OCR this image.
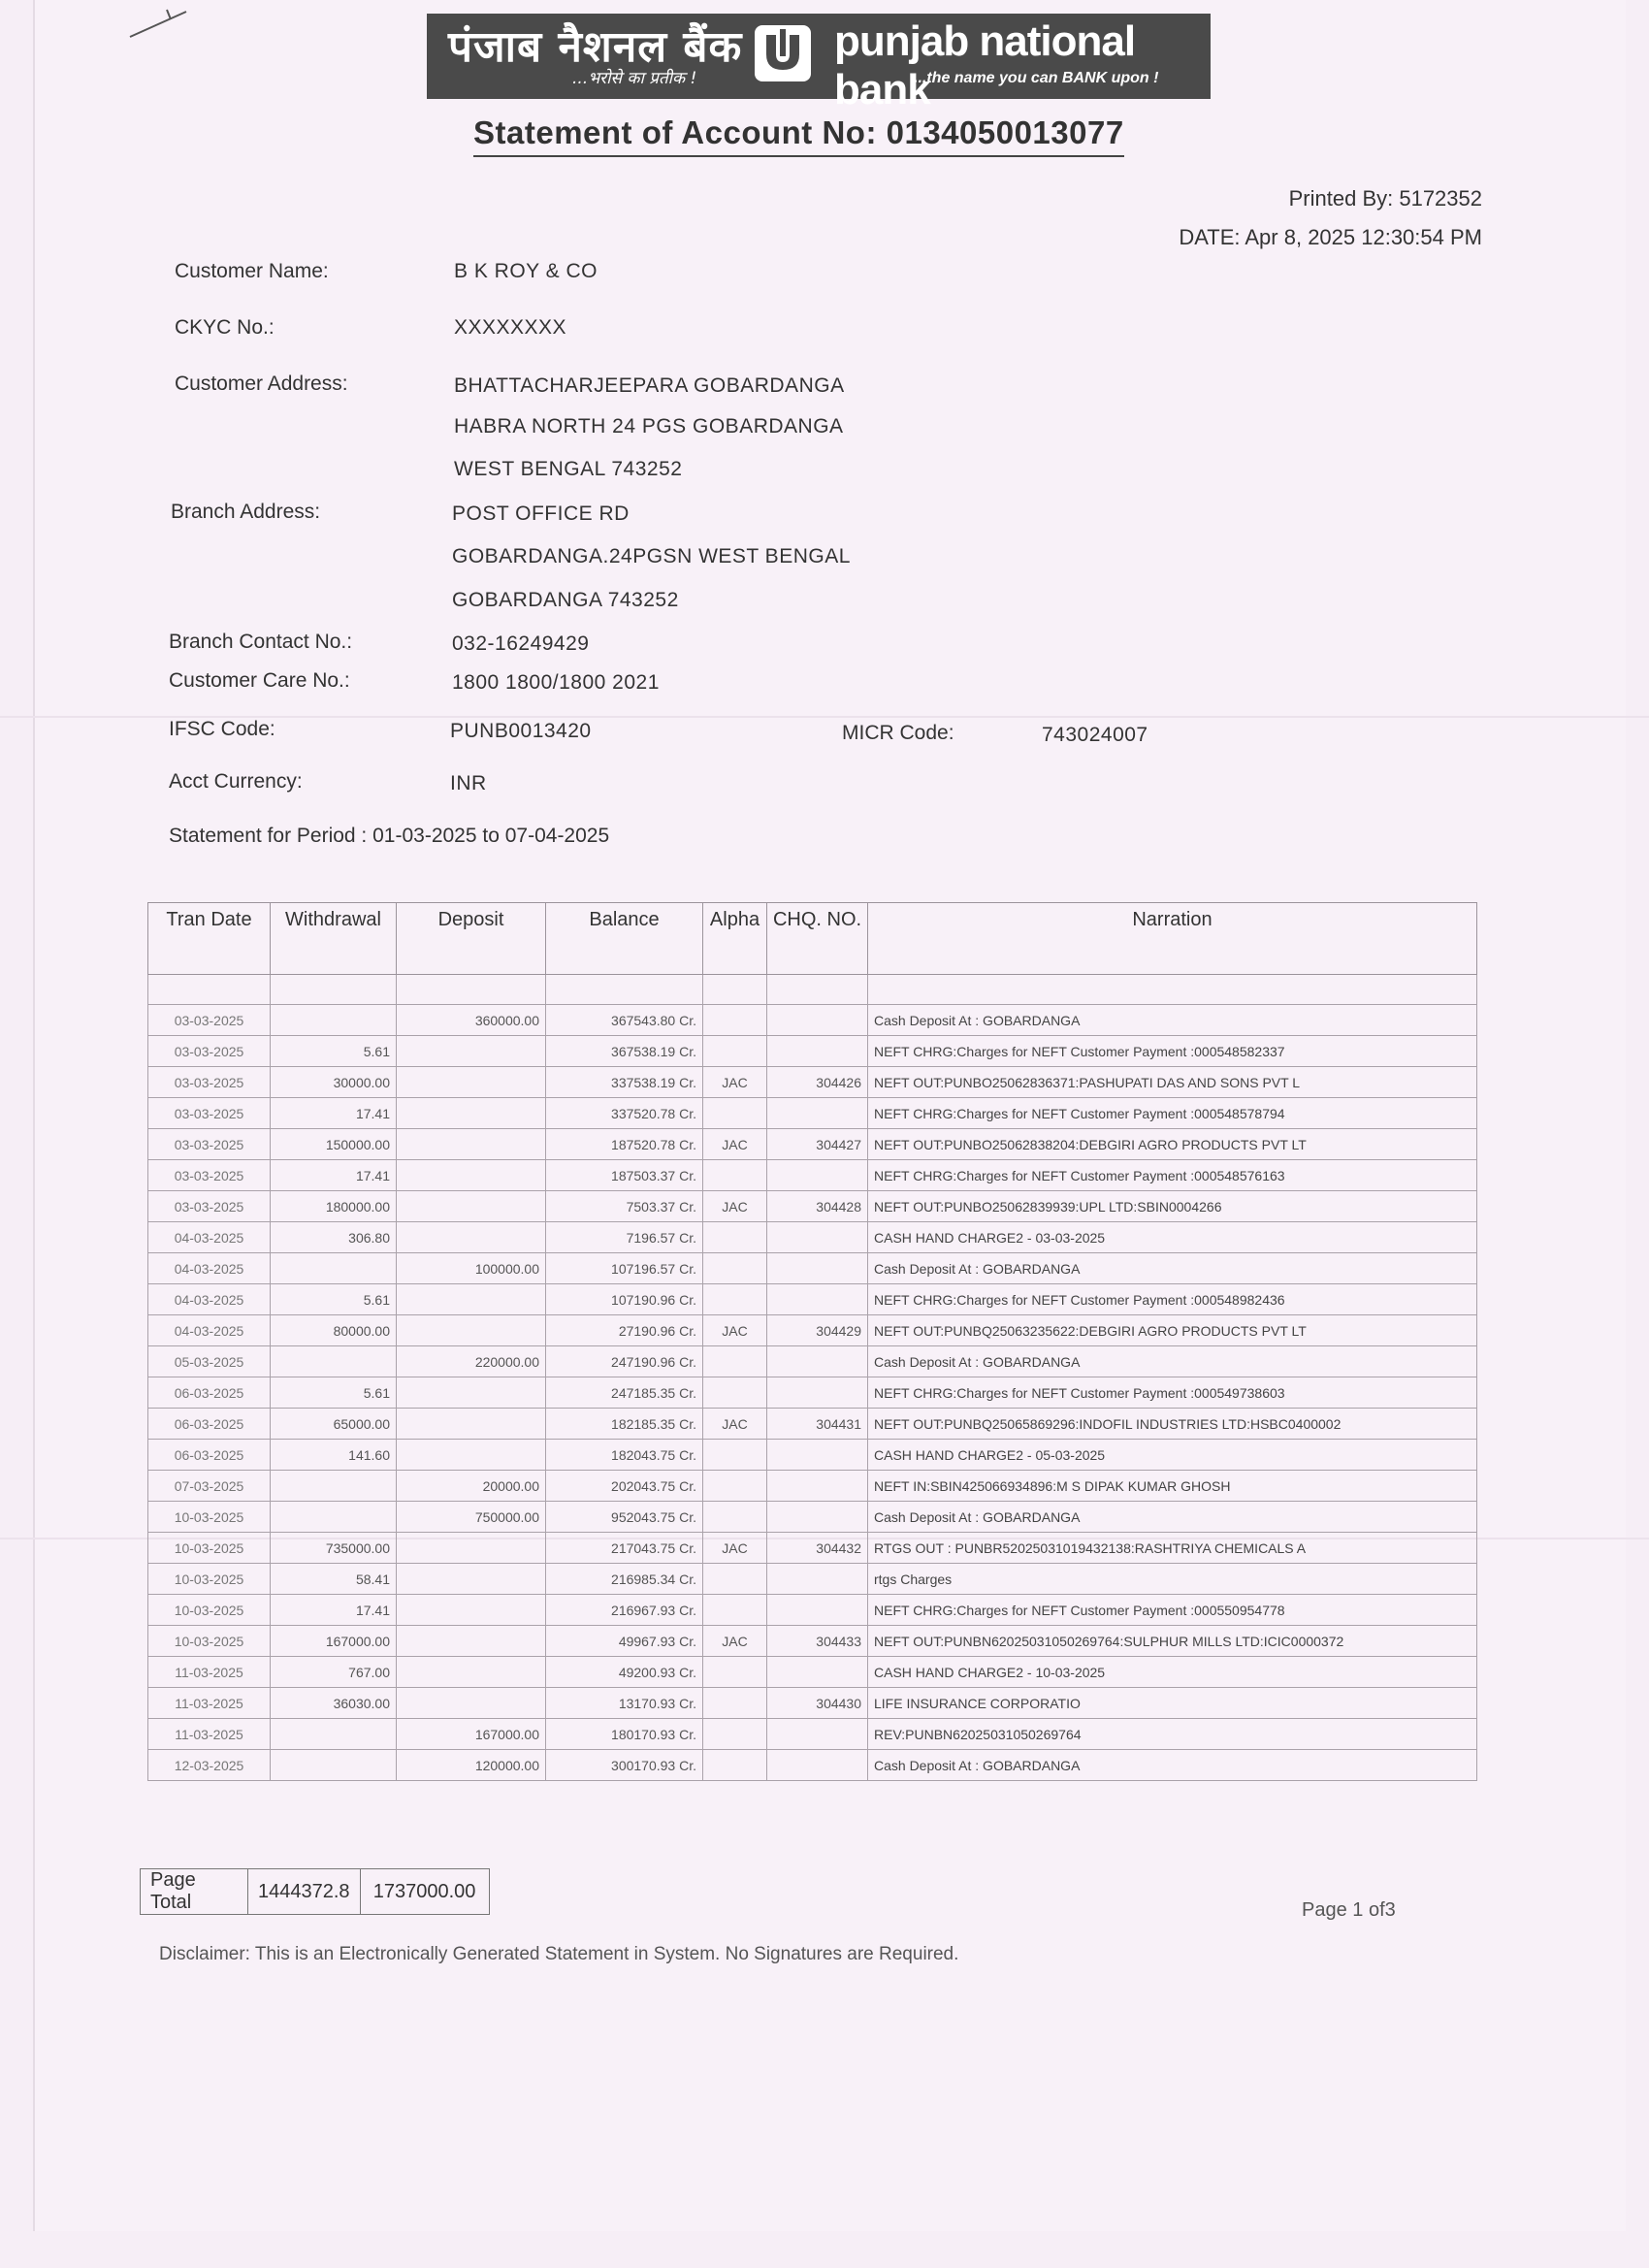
पंजाब नैशनल बैंक
...भरोसे का प्रतीक !
punjab national bank
...the name you can BANK upon !
Statement of Account No: 0134050013077
Printed By: 5172352
DATE: Apr 8, 2025 12:30:54 PM
Customer Name:	B K ROY & CO
CKYC No.:	XXXXXXXX
Customer Address:	BHATTACHARJEEPARA GOBARDANGA
HABRA NORTH 24 PGS GOBARDANGA
WEST BENGAL 743252
Branch Address:	POST OFFICE RD
GOBARDANGA.24PGSN WEST BENGAL
GOBARDANGA 743252
Branch Contact No.:	032-16249429
Customer Care No.:	1800 1800/1800 2021
IFSC Code:	PUNB0013420	MICR Code:	743024007
Acct Currency:	INR
Statement for Period : 01-03-2025 to 07-04-2025
Tran Date	Withdrawal	Deposit	Balance	Alpha	CHQ. NO.	Narration

03-03-2025		360000.00	367543.80 Cr.			Cash Deposit At : GOBARDANGA
03-03-2025	5.61		367538.19 Cr.			NEFT CHRG:Charges for NEFT Customer Payment :000548582337
03-03-2025	30000.00		337538.19 Cr.	JAC	304426	NEFT OUT:PUNBO25062836371:PASHUPATI DAS AND SONS PVT L
03-03-2025	17.41		337520.78 Cr.			NEFT CHRG:Charges for NEFT Customer Payment :000548578794
03-03-2025	150000.00		187520.78 Cr.	JAC	304427	NEFT OUT:PUNBO25062838204:DEBGIRI AGRO PRODUCTS PVT LT
03-03-2025	17.41		187503.37 Cr.			NEFT CHRG:Charges for NEFT Customer Payment :000548576163
03-03-2025	180000.00		7503.37 Cr.	JAC	304428	NEFT OUT:PUNBO25062839939:UPL LTD:SBIN0004266
04-03-2025	306.80		7196.57 Cr.			CASH HAND CHARGE2 - 03-03-2025
04-03-2025		100000.00	107196.57 Cr.			Cash Deposit At : GOBARDANGA
04-03-2025	5.61		107190.96 Cr.			NEFT CHRG:Charges for NEFT Customer Payment :000548982436
04-03-2025	80000.00		27190.96 Cr.	JAC	304429	NEFT OUT:PUNBQ25063235622:DEBGIRI AGRO PRODUCTS PVT LT
05-03-2025		220000.00	247190.96 Cr.			Cash Deposit At : GOBARDANGA
06-03-2025	5.61		247185.35 Cr.			NEFT CHRG:Charges for NEFT Customer Payment :000549738603
06-03-2025	65000.00		182185.35 Cr.	JAC	304431	NEFT OUT:PUNBQ25065869296:INDOFIL INDUSTRIES LTD:HSBC0400002
06-03-2025	141.60		182043.75 Cr.			CASH HAND CHARGE2 - 05-03-2025
07-03-2025		20000.00	202043.75 Cr.			NEFT IN:SBIN425066934896:M S DIPAK KUMAR GHOSH
10-03-2025		750000.00	952043.75 Cr.			Cash Deposit At : GOBARDANGA
10-03-2025	735000.00		217043.75 Cr.	JAC	304432	RTGS OUT : PUNBR52025031019432138:RASHTRIYA CHEMICALS A
10-03-2025	58.41		216985.34 Cr.			rtgs Charges
10-03-2025	17.41		216967.93 Cr.			NEFT CHRG:Charges for NEFT Customer Payment :000550954778
10-03-2025	167000.00		49967.93 Cr.	JAC	304433	NEFT OUT:PUNBN62025031050269764:SULPHUR MILLS LTD:ICIC0000372
11-03-2025	767.00		49200.93 Cr.			CASH HAND CHARGE2 - 10-03-2025
11-03-2025	36030.00		13170.93 Cr.		304430	LIFE INSURANCE CORPORATIO
11-03-2025		167000.00	180170.93 Cr.			REV:PUNBN62025031050269764
12-03-2025		120000.00	300170.93 Cr.			Cash Deposit At : GOBARDANGA
Page Total	1444372.8	1737000.00
Page 1 of3
Disclaimer: This is an Electronically Generated Statement in System. No Signatures are Required.
